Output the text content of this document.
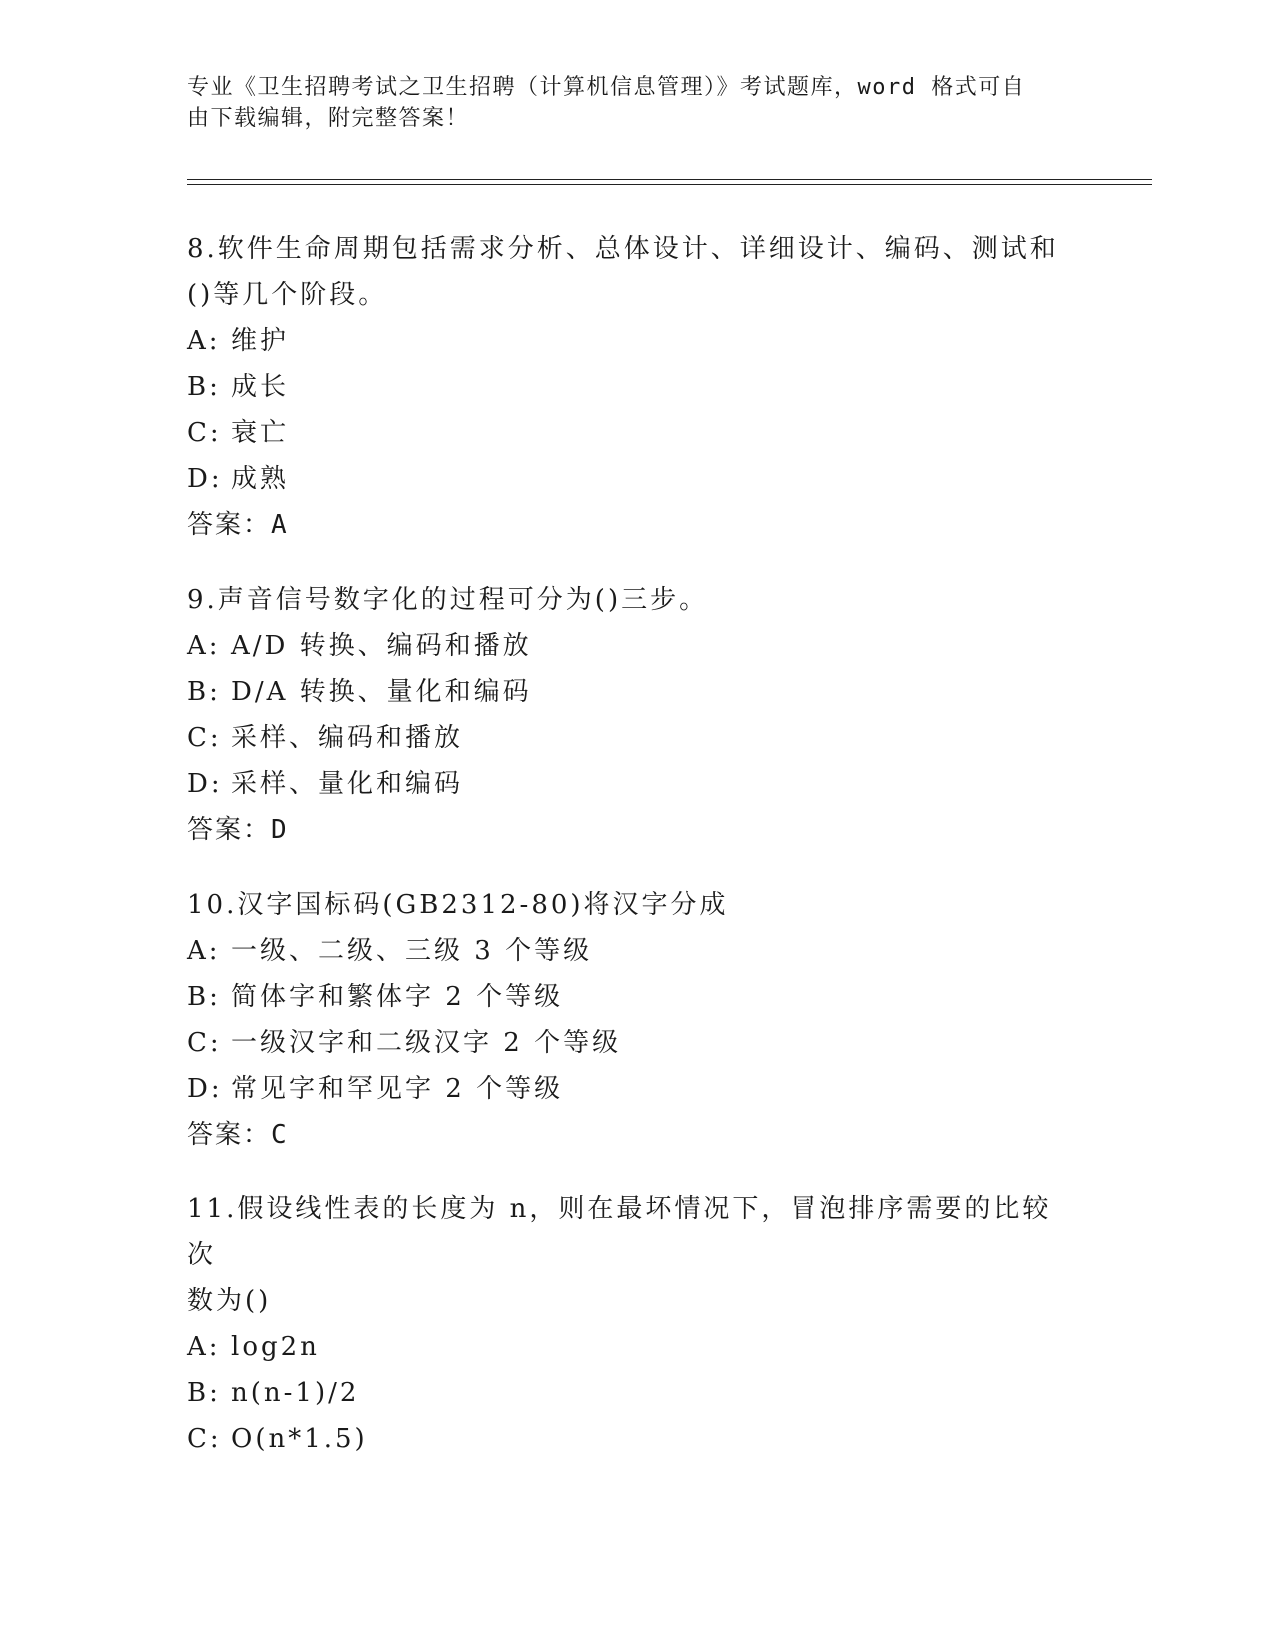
专业《卫生招聘考试之卫生招聘（计算机信息管理）》考试题库，word 格式可自
由下载编辑，附完整答案！

8.软件生命周期包括需求分析、总体设计、详细设计、编码、测试和

()等几个阶段。

A: 维护

B: 成长

C: 衰亡

D: 成熟

答案：A

9.声音信号数字化的过程可分为()三步。

A: A/D 转换、编码和播放

B: D/A 转换、量化和编码

C: 采样、编码和播放

D: 采样、量化和编码

答案：D

10.汉字国标码(GB2312-80)将汉字分成

A: 一级、二级、三级 3 个等级

B: 简体字和繁体字 2 个等级

C: 一级汉字和二级汉字 2 个等级

D: 常见字和罕见字 2 个等级

答案：C

11.假设线性表的长度为 n，则在最坏情况下，冒泡排序需要的比较次

数为()

A: log2n

B: n(n-1)/2

C: O(n*1.5)
